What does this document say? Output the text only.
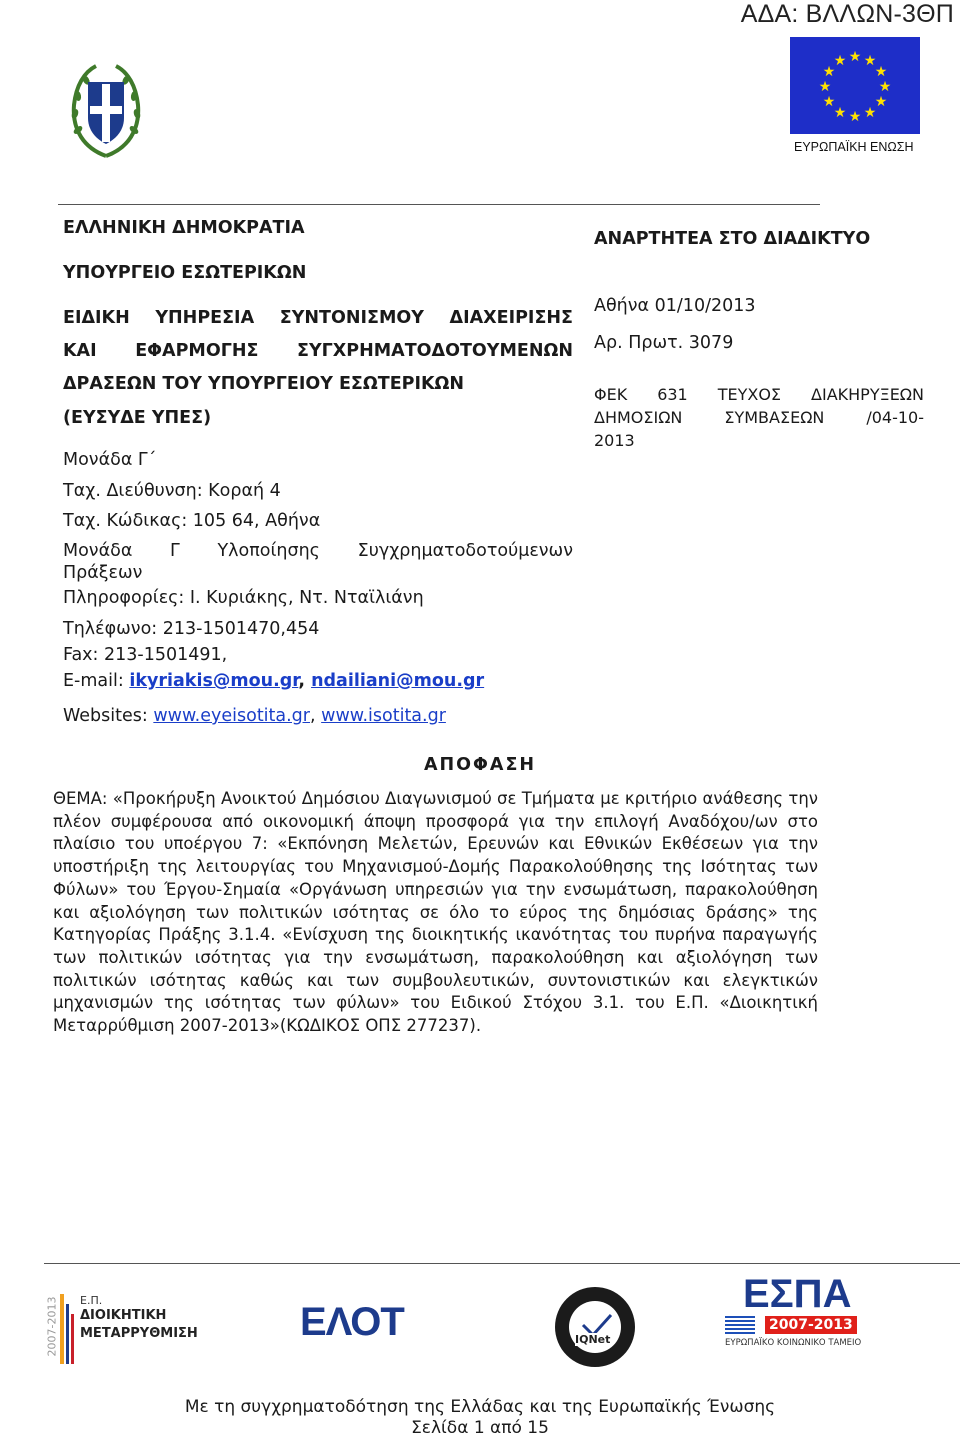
ΑΔΑ: ΒΛΛΩΝ-3ΘΠ
★ ★
★
★
★
★
★
★
★
★
★
★
ΕΥΡΩΠΑΪΚΗ ΕΝΩΣΗ
ΕΛΛΗΝΙΚΗ ΔΗΜΟΚΡΑΤΙΑ
ΥΠΟΥΡΓΕΙΟ ΕΣΩΤΕΡΙΚΩΝ
ΕΙΔΙΚΗ ΥΠΗΡΕΣΙΑ ΣΥΝΤΟΝΙΣΜΟΥ ΔΙΑΧΕΙΡΙΣΗΣ
ΚΑΙ ΕΦΑΡΜΟΓΗΣ ΣΥΓΧΡΗΜΑΤΟΔΟΤΟΥΜΕΝΩΝ
ΔΡΑΣΕΩΝ ΤΟΥ ΥΠΟΥΡΓΕΙΟΥ ΕΣΩΤΕΡΙΚΩΝ
(ΕΥΣΥΔΕ ΥΠΕΣ)
Μονάδα Γ΄
Ταχ. Διεύθυνση: Κοραή 4
Ταχ. Κώδικας: 105 64, Αθήνα
Μονάδα Γ Υλοποίησης Συγχρηματοδοτούμενων
Πράξεων
Πληροφορίες: Ι. Κυριάκης, Ντ. Νταϊλιάνη
Τηλέφωνο: 213-1501470,454
Fax: 213-1501491,
E-mail: ikyriakis@mou.gr, ndailiani@mou.gr
Websites: www.eyeisotita.gr, www.isotita.gr
ΑΝΑΡΤΗΤΕΑ ΣΤΟ ΔΙΑΔΙΚΤΥΟ
Αθήνα 01/10/2013
Αρ. Πρωτ. 3079
ΦΕΚ 631 ΤΕΥΧΟΣ ΔΙΑΚΗΡΥΞΕΩΝ
ΔΗΜΟΣΙΩΝ ΣΥΜΒΑΣΕΩΝ /04-10-
2013
ΑΠΟΦΑΣΗ
ΘΕΜΑ: «Προκήρυξη Ανοικτού Δημόσιου Διαγωνισμού σε Τμήματα με κριτήριο ανάθεσης την πλέον συμφέρουσα από οικονομική άποψη προσφορά για την επιλογή Αναδόχου/ων στο πλαίσιο του υποέργου 7: «Εκπόνηση Μελετών, Ερευνών και Εθνικών Εκθέσεων για την υποστήριξη της λειτουργίας του Μηχανισμού-Δομής Παρακολούθησης της Ισότητας των Φύλων» του Έργου-Σημαία «Οργάνωση υπηρεσιών για την ενσωμάτωση, παρακολούθηση και αξιολόγηση των πολιτικών ισότητας σε όλο το εύρος της δημόσιας δράσης» της Κατηγορίας Πράξης 3.1.4. «Ενίσχυση της διοικητικής ικανότητας του πυρήνα παραγωγής των πολιτικών ισότητας για την ενσωμάτωση, παρακολούθηση και αξιολόγηση των πολιτικών ισότητας καθώς και των συμβουλευτικών, συντονιστικών και ελεγκτικών μηχανισμών της ισότητας των φύλων» του Ειδικού Στόχου 3.1. του Ε.Π. «Διοικητική Μεταρρύθμιση 2007-2013»(ΚΩΔΙΚΟΣ ΟΠΣ 277237).
2007-2013 Ε.Π.
ΔΙΟΙΚΗΤΙΚΗ
ΜΕΤΑΡΡΥΘΜΙΣΗ	ΕΛΟΤ	IQNet
ΕΣΠΑ
2007-2013
ΕΥΡΩΠΑΪΚΟ ΚΟΙΝΩΝΙΚΟ ΤΑΜΕΙΟ
Με τη συγχρηματοδότηση της Ελλάδας και της Ευρωπαϊκής Ένωσης
Σελίδα 1 από 15
